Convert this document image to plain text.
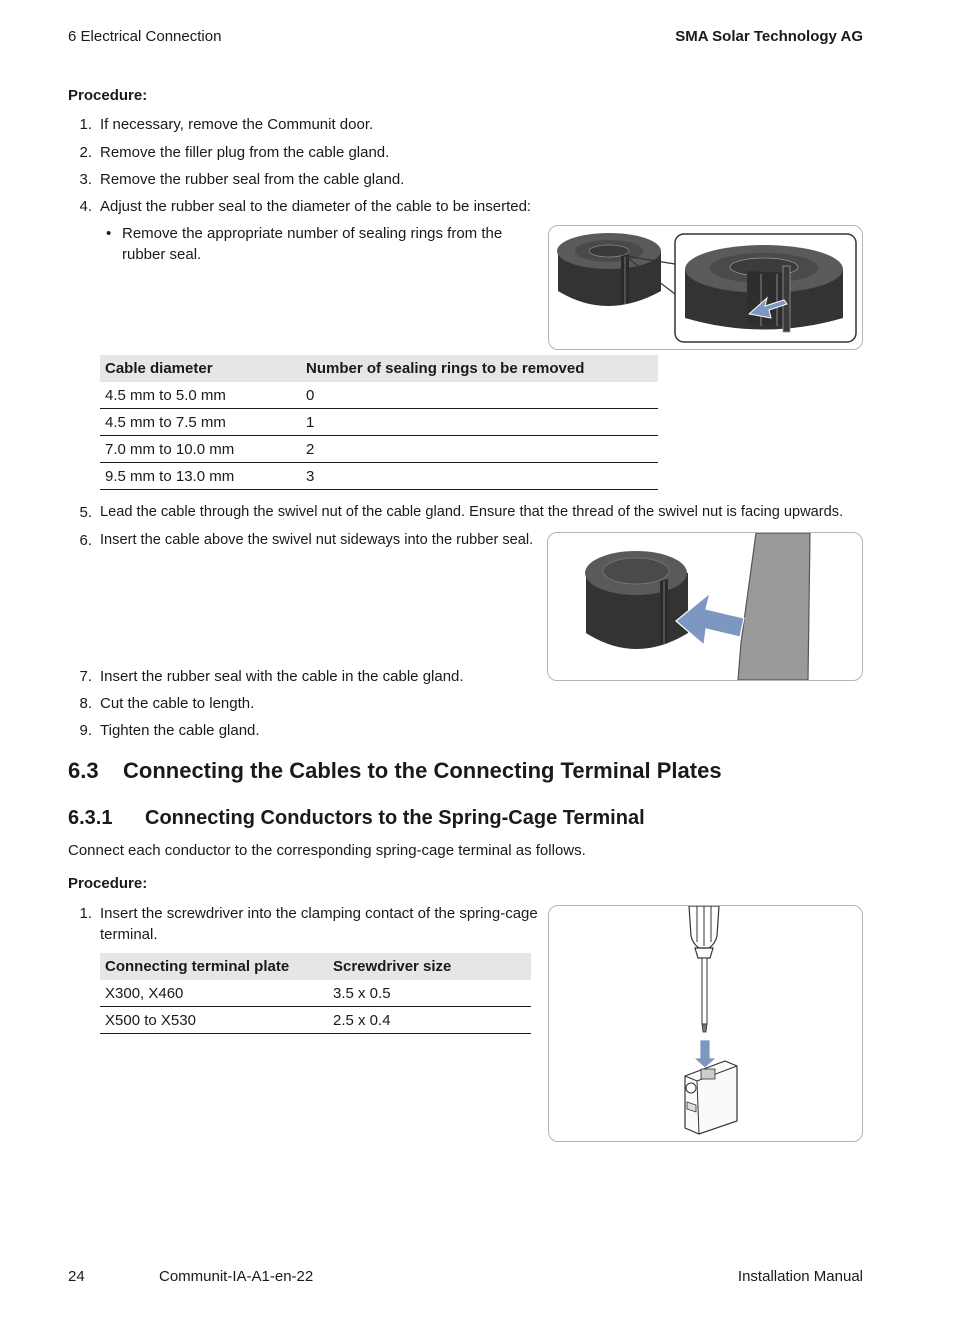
6 Electrical Connection	SMA Solar Technology AG
Procedure:
1. If necessary, remove the Communit door.
2. Remove the filler plug from the cable gland.
3. Remove the rubber seal from the cable gland.
4. Adjust the rubber seal to the diameter of the cable to be inserted:
• Remove the appropriate number of sealing rings from the
rubber seal.
Cable diameter	Number of sealing rings to be removed
4.5 mm to 5.0 mm	0
4.5 mm to 7.5 mm	1
7.0 mm to 10.0 mm	2
9.5 mm to 13.0 mm	3
5. Lead the cable through the swivel nut of the cable gland. Ensure that the thread of the swivel nut is facing upwards.
6. Insert the cable above the swivel nut sideways into the rubber seal.
7. Insert the rubber seal with the cable in the cable gland.
8. Cut the cable to length.
9. Tighten the cable gland.
6.3 Connecting the Cables to the Connecting Terminal Plates
6.3.1 Connecting Conductors to the Spring-Cage Terminal
Connect each conductor to the corresponding spring-cage terminal as follows.
Procedure:
1. Insert the screwdriver into the clamping contact of the spring-cage
terminal.
Connecting terminal plate	Screwdriver size
X300, X460	3.5 x 0.5
X500 to X530	2.5 x 0.4
24	Communit-IA-A1-en-22	Installation Manual
